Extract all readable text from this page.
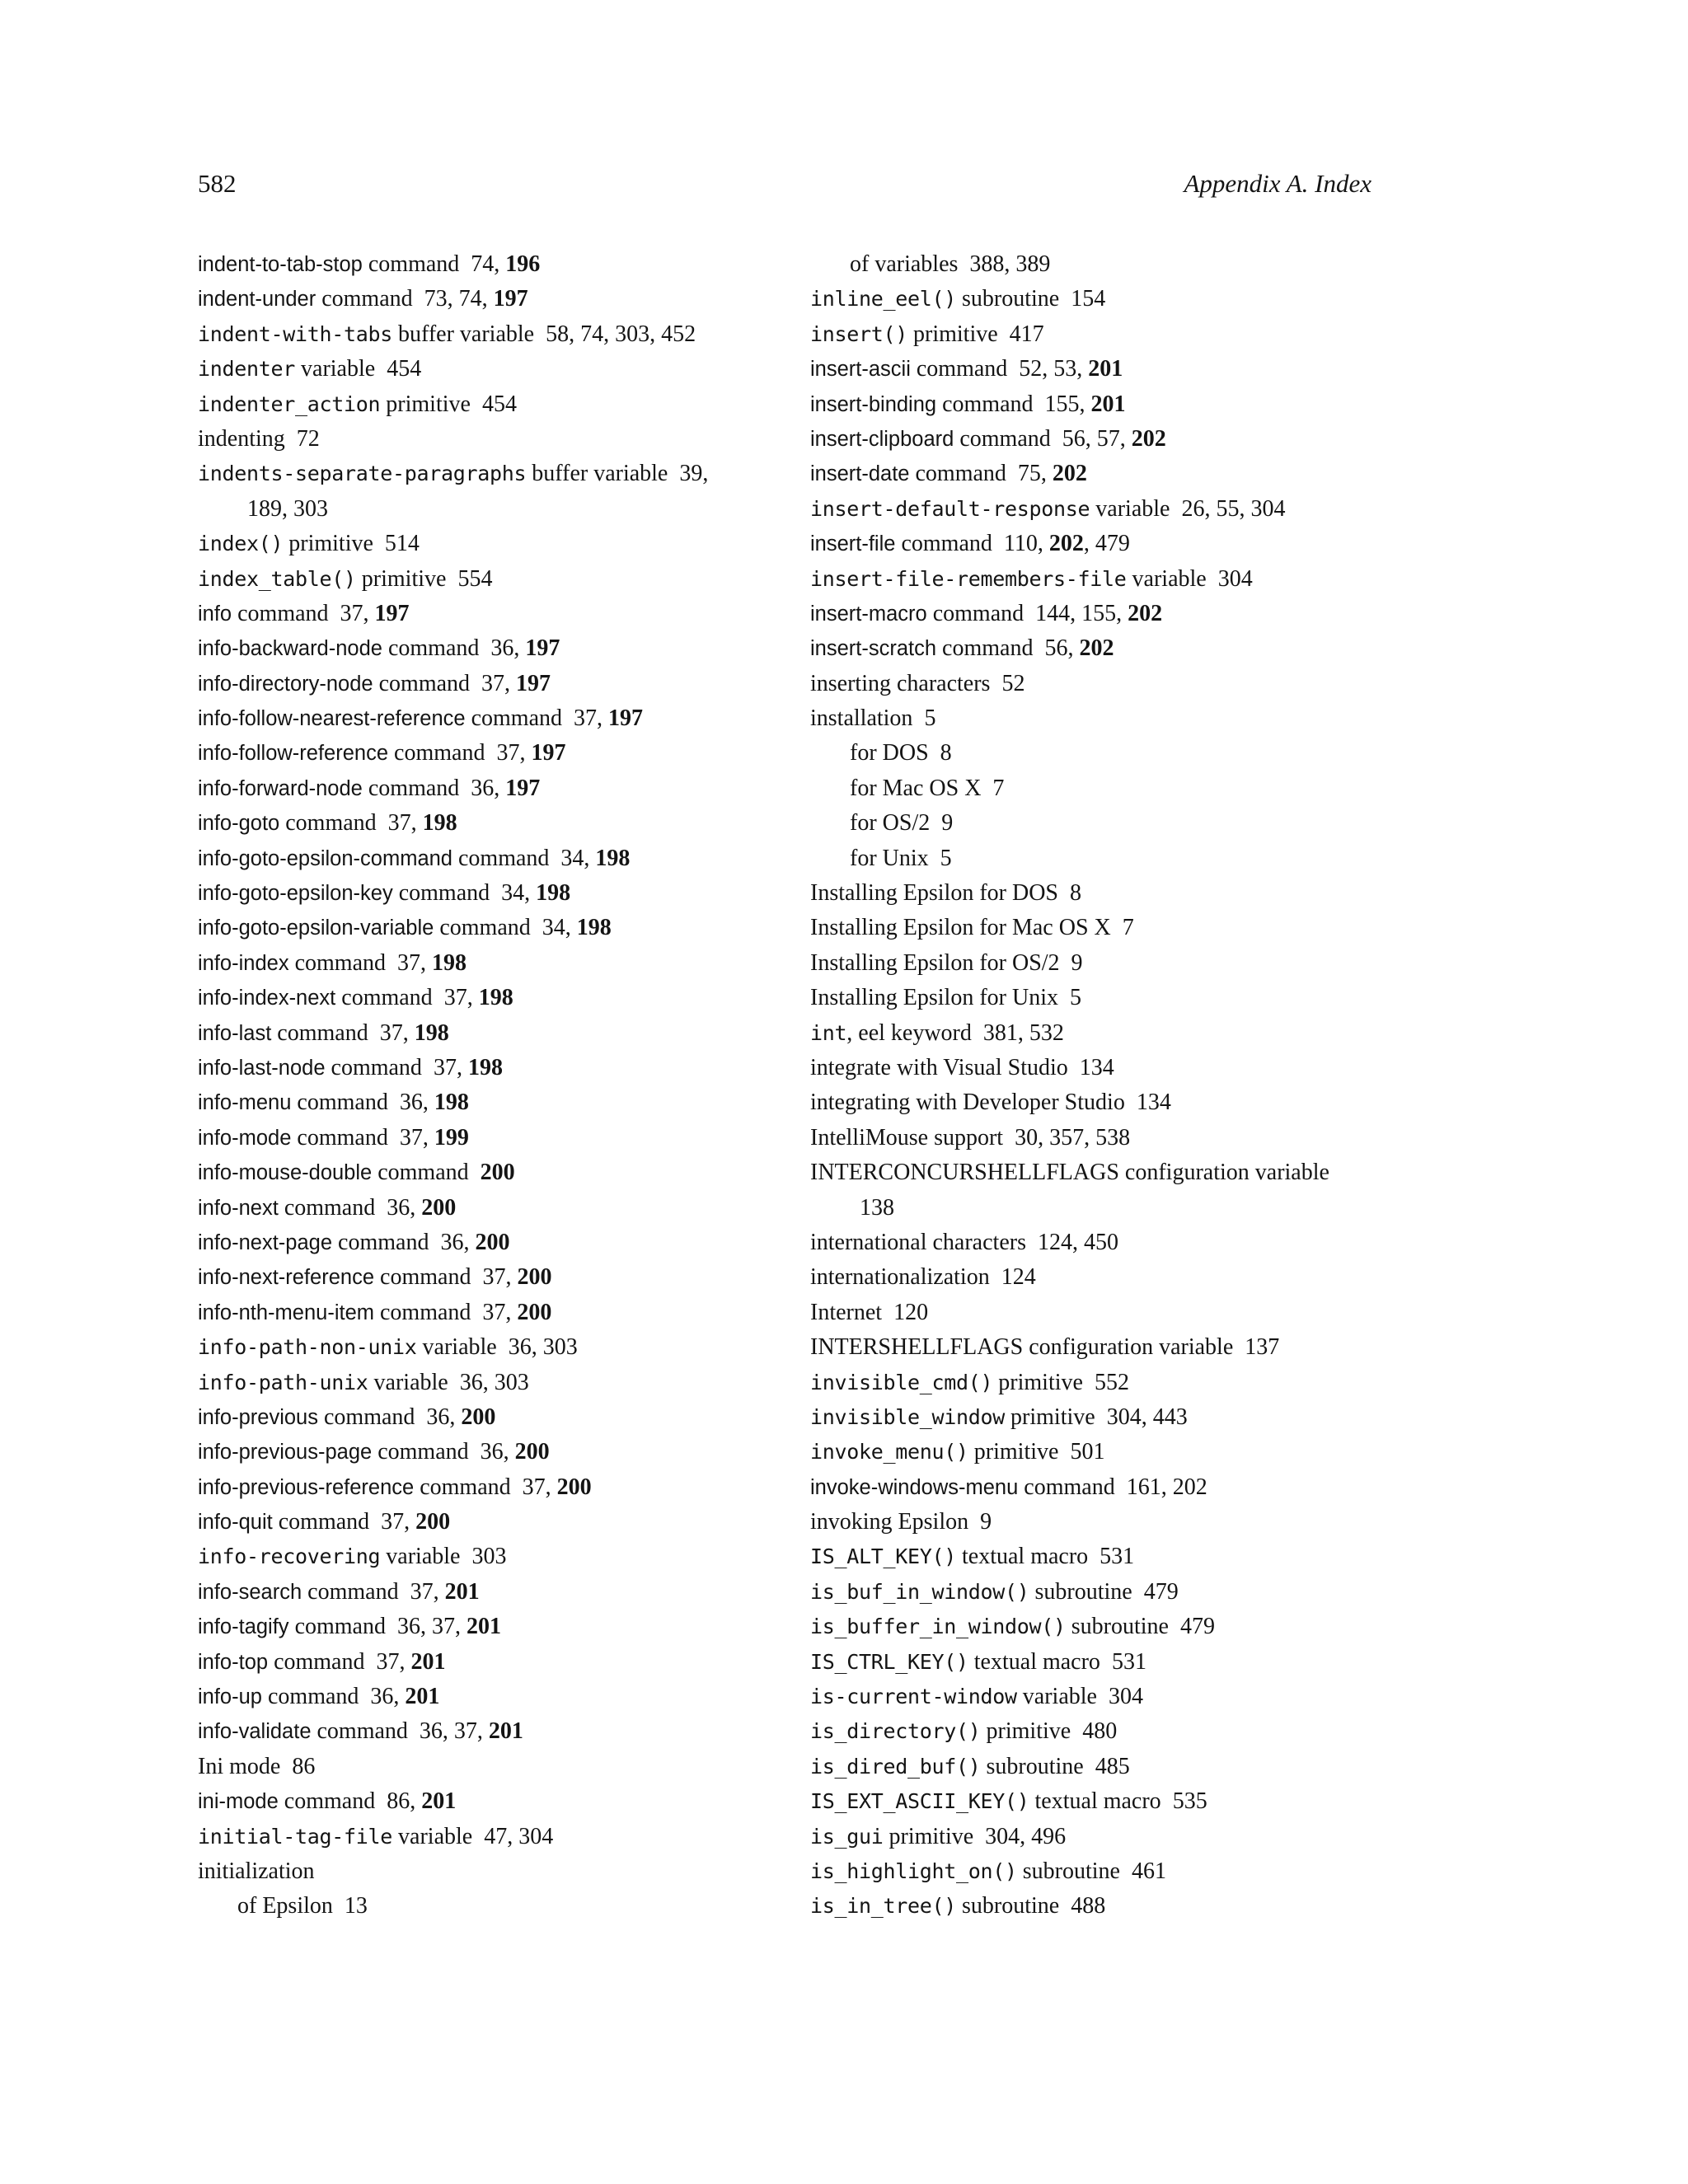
582	Appendix A. Index
indent-to-tab-stop command 74, 196
indent-under command 73, 74, 197
indent-with-tabs buffer variable 58, 74, 303, 452
indenter variable 454
indenter_action primitive 454
indenting 72
indents-separate-paragraphs buffer variable 39,
189, 303
index() primitive 514
index_table() primitive 554
info command 37, 197
info-backward-node command 36, 197
info-directory-node command 37, 197
info-follow-nearest-reference command 37, 197
info-follow-reference command 37, 197
info-forward-node command 36, 197
info-goto command 37, 198
info-goto-epsilon-command command 34, 198
info-goto-epsilon-key command 34, 198
info-goto-epsilon-variable command 34, 198
info-index command 37, 198
info-index-next command 37, 198
info-last command 37, 198
info-last-node command 37, 198
info-menu command 36, 198
info-mode command 37, 199
info-mouse-double command 200
info-next command 36, 200
info-next-page command 36, 200
info-next-reference command 37, 200
info-nth-menu-item command 37, 200
info-path-non-unix variable 36, 303
info-path-unix variable 36, 303
info-previous command 36, 200
info-previous-page command 36, 200
info-previous-reference command 37, 200
info-quit command 37, 200
info-recovering variable 303
info-search command 37, 201
info-tagify command 36, 37, 201
info-top command 37, 201
info-up command 36, 201
info-validate command 36, 37, 201
Ini mode 86
ini-mode command 86, 201
initial-tag-file variable 47, 304
initialization
of Epsilon 13
of variables 388, 389
inline_eel() subroutine 154
insert() primitive 417
insert-ascii command 52, 53, 201
insert-binding command 155, 201
insert-clipboard command 56, 57, 202
insert-date command 75, 202
insert-default-response variable 26, 55, 304
insert-file command 110, 202, 479
insert-file-remembers-file variable 304
insert-macro command 144, 155, 202
insert-scratch command 56, 202
inserting characters 52
installation 5
for DOS 8
for Mac OS X 7
for OS/2 9
for Unix 5
Installing Epsilon for DOS 8
Installing Epsilon for Mac OS X 7
Installing Epsilon for OS/2 9
Installing Epsilon for Unix 5
int, eel keyword 381, 532
integrate with Visual Studio 134
integrating with Developer Studio 134
IntelliMouse support 30, 357, 538
INTERCONCURSHELLFLAGS configuration variable
138
international characters 124, 450
internationalization 124
Internet 120
INTERSHELLFLAGS configuration variable 137
invisible_cmd() primitive 552
invisible_window primitive 304, 443
invoke_menu() primitive 501
invoke-windows-menu command 161, 202
invoking Epsilon 9
IS_ALT_KEY() textual macro 531
is_buf_in_window() subroutine 479
is_buffer_in_window() subroutine 479
IS_CTRL_KEY() textual macro 531
is-current-window variable 304
is_directory() primitive 480
is_dired_buf() subroutine 485
IS_EXT_ASCII_KEY() textual macro 535
is_gui primitive 304, 496
is_highlight_on() subroutine 461
is_in_tree() subroutine 488
